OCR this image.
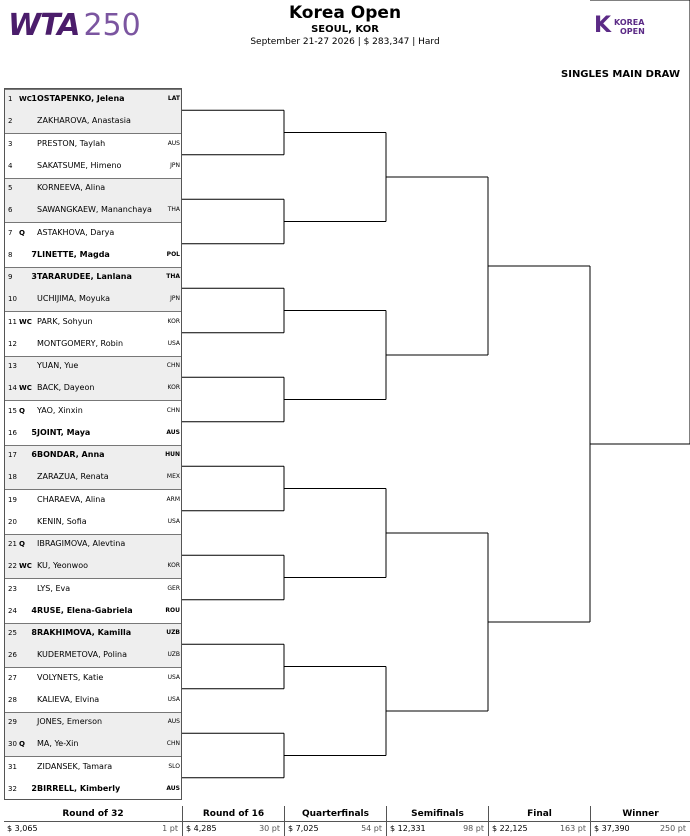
WTA 250	Korea Open
SEOUL, KOR
September 21-27 2026 | $ 283,347 | Hard
K KOREA
OPEN
SINGLES MAIN DRAW
1 WC 1 OSTAPENKO, Jelena	LAT
2	ZAKHAROVA, Anastasia
3	PRESTON, Taylah	AUS
4	SAKATSUME, Himeno	JPN
5	KORNEEVA, Alina
6	SAWANGKAEW, Mananchaya	THA
7 Q ASTAKHOVA, Darya
8	7 LINETTE, Magda	POL
9	3 TARARUDEE, Lanlana	THA
10	UCHIJIMA, Moyuka	JPN
11 WC PARK, Sohyun	KOR
12	MONTGOMERY, Robin	USA
13	YUAN, Yue	CHN
14 WC BACK, Dayeon	KOR
15 Q YAO, Xinxin	CHN
16	5 JOINT, Maya	AUS
17	6 BONDAR, Anna	HUN
18	ZARAZUA, Renata	MEX
19	CHARAEVA, Alina	ARM
20	KENIN, Sofia	USA
21 Q IBRAGIMOVA, Alevtina
22 WC KU, Yeonwoo	KOR
23	LYS, Eva	GER
24	4 RUSE, Elena-Gabriela	ROU
25	8 RAKHIMOVA, Kamilla	UZB
26	KUDERMETOVA, Polina	UZB
27	VOLYNETS, Katie	USA
28	KALIEVA, Elvina	USA
29	JONES, Emerson	AUS
30 Q MA, Ye-Xin	CHN
31	ZIDANSEK, Tamara	SLO
32	2 BIRRELL, Kimberly	AUS
Round of 32
$ 3,065	1 pt
Round of 16
$ 4,285	30 pt
Quarterfinals
$ 7,025	54 pt
Semifinals
$ 12,331	98 pt
Final
$ 22,125	163 pt
Winner
$ 37,390	250 pt
